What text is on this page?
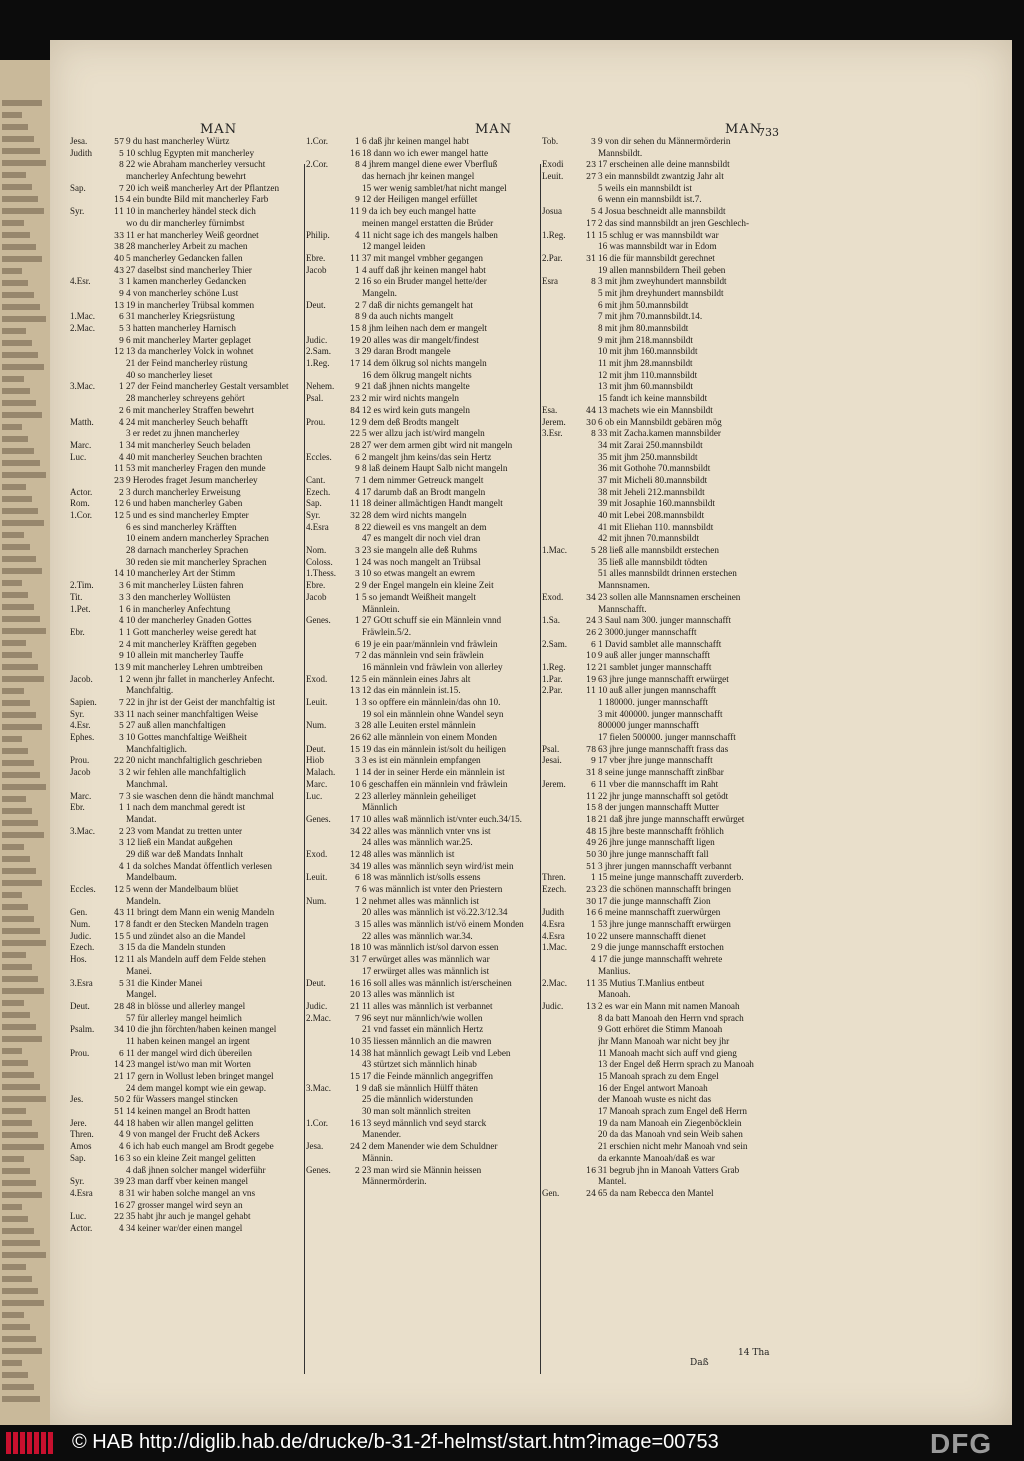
MAN	MAN	MAN
733
Jesa.	57 9 du hast mancherley Würtz
Judith	5 10 schlug Egypten mit mancherley
8 22 wie Abraham mancherley versucht
mancherley Anfechtung bewehrt
Sap.	7 20 ich weiß mancherley Art der Pflantzen
15 4 ein bundte Bild mit mancherley Farb
Syr.	11 10 in mancherley händel steck dich
wo du dir mancherley fürnimbst
33 11 er hat mancherley Weiß geordnet
38 28 mancherley Arbeit zu machen
40 5 mancherley Gedancken fallen
43 27 daselbst sind mancherley Thier
4.Esr.	3 1 kamen mancherley Gedancken
9 4 von mancherley schöne Lust
13 19 in mancherley Trübsal kommen
1.Mac.	6 31 mancherley Kriegsrüstung
2.Mac.	5 3 hatten mancherley Harnisch
9 6 mit mancherley Marter geplaget
12 13 da mancherley Volck in wohnet
21 der Feind mancherley rüstung
40 so mancherley lieset
3.Mac.	1 27 der Feind mancherley Gestalt versamblet
28 mancherley schreyens gehört
2 6 mit mancherley Straffen bewehrt
Matth.	4 24 mit mancherley Seuch behafft
3 er redet zu jhnen mancherley
Marc.	1 34 mit mancherley Seuch beladen
Luc.	4 40 mit mancherley Seuchen brachten
11 53 mit mancherley Fragen den munde
23 9 Herodes fraget Jesum mancherley
Actor.	2 3 durch mancherley Erweisung
Rom.	12 6 und haben mancherley Gaben
1.Cor.	12 5 und es sind mancherley Empter
6 es sind mancherley Kräfften
10 einem andern mancherley Sprachen
28 darnach mancherley Sprachen
30 reden sie mit mancherley Sprachen
14 10 mancherley Art der Stimm
2.Tim.	3 6 mit mancherley Lüsten fahren
Tit.	3 3 den mancherley Wollüsten
1.Pet.	1 6 in mancherley Anfechtung
4 10 der mancherley Gnaden Gottes
Ebr.	1 1 Gott mancherley weise geredt hat
2 4 mit mancherley Kräfften gegeben
9 10 allein mit mancherley Tauffe
13 9 mit mancherley Lehren umbtreiben
Jacob.	1 2 wenn jhr fallet in mancherley Anfecht.
Manchfaltig.
Sapien.	7 22 in jhr ist der Geist der manchfaltig ist
Syr.	33 11 nach seiner manchfaltigen Weise
4.Esr.	5 27 auß allen manchfaltigen
Ephes.	3 10 Gottes manchfaltige Weißheit
Manchfaltiglich.
Prou.	22 20 nicht manchfaltiglich geschrieben
Jacob	3 2 wir fehlen alle manchfaltiglich
Manchmal.
Marc.	7 3 sie waschen denn die händt manchmal
Ebr.	1 1 nach dem manchmal geredt ist
Mandat.
3.Mac.	2 23 vom Mandat zu tretten unter
3 12 ließ ein Mandat außgehen
29 diß war deß Mandats Innhalt
4 1 da solches Mandat öffentlich verlesen
Mandelbaum.
Eccles.	12 5 wenn der Mandelbaum blüet
Mandeln.
Gen.	43 11 bringt dem Mann ein wenig Mandeln
Num.	17 8 fandt er den Stecken Mandeln tragen
Judic.	15 5 und zündet also an die Mandel
Ezech.	3 15 da die Mandeln stunden
Hos.	12 11 als Mandeln auff dem Felde stehen
Manei.
3.Esra	5 31 die Kinder Manei
Mangel.
Deut.	28 48 in blösse und allerley mangel
57 für allerley mangel heimlich
Psalm.	34 10 die jhn förchten/haben keinen mangel
11 haben keinen mangel an irgent
Prou.	6 11 der mangel wird dich übereilen
14 23 mangel ist/wo man mit Worten
21 17 gern in Wollust leben bringet mangel
24 dem mangel kompt wie ein gewap.
Jes.	50 2 für Wassers mangel stincken
51 14 keinen mangel an Brodt hatten
Jere.	44 18 haben wir allen mangel gelitten
Thren.	4 9 von mangel der Frucht deß Ackers
Amos	4 6 ich hab euch mangel am Brodt gegebe
Sap.	16 3 so ein kleine Zeit mangel gelitten
4 daß jhnen solcher mangel widerführ
Syr.	39 23 man darff vber keinen mangel
4.Esra	8 31 wir haben solche mangel an vns
16 27 grosser mangel wird seyn an
Luc.	22 35 habt jhr auch je mangel gehabt
Actor.	4 34 keiner war/der einen mangel
1.Cor.	1 6 daß jhr keinen mangel habt
16 18 dann wo ich ewer mangel hatte
2.Cor.	8 4 jhrem mangel diene ewer Vberfluß
das hernach jhr keinen mangel
15 wer wenig samblet/hat nicht mangel
9 12 der Heiligen mangel erfüllet
11 9 da ich bey euch mangel hatte
meinen mangel erstatten die Brüder
Philip.	4 11 nicht sage ich des mangels halben
12 mangel leiden
Ebre.	11 37 mit mangel vmbher gegangen
Jacob	1 4 auff daß jhr keinen mangel habt
2 16 so ein Bruder mangel hette/der
Mangeln.
Deut.	2 7 daß dir nichts gemangelt hat
8 9 da auch nichts mangelt
15 8 jhm leihen nach dem er mangelt
Judic.	19 20 alles was dir mangelt/findest
2.Sam.	3 29 daran Brodt mangele
1.Reg.	17 14 dem ölkrug sol nichts mangeln
16 dem ölkrug mangelt nichts
Nehem.	9 21 daß jhnen nichts mangelte
Psal.	23 2 mir wird nichts mangeln
84 12 es wird kein guts mangeln
Prou.	12 9 dem deß Brodts mangelt
22 5 wer allzu jach ist/wird mangeln
28 27 wer dem armen gibt wird nit mangeln
Eccles.	6 2 mangelt jhm keins/das sein Hertz
9 8 laß deinem Haupt Salb nicht mangeln
Cant.	7 1 dem nimmer Getreuck mangelt
Ezech.	4 17 darumb daß an Brodt mangeln
Sap.	11 18 deiner allmächtigen Handt mangelt
Syr.	32 28 dem wird nichts mangeln
4.Esra	8 22 dieweil es vns mangelt an dem
47 es mangelt dir noch viel dran
Nom.	3 23 sie mangeln alle deß Ruhms
Coloss.	1 24 was noch mangelt an Trübsal
1.Thess.	3 10 so etwas mangelt an ewrem
Ebre.	2 9 der Engel mangeln ein kleine Zeit
Jacob	1 5 so jemandt Weißheit mangelt
Männlein.
Genes.	1 27 GOtt schuff sie ein Männlein vnnd
Fräwlein.5/2.
6 19 je ein paar/männlein vnd fräwlein
7 2 das männlein vnd sein fräwlein
16 männlein vnd fräwlein von allerley
Exod.	12 5 ein männlein eines Jahrs alt
13 12 das ein männlein ist.15.
Leuit.	1 3 so opffere ein männlein/das ohn 10.
19 sol ein männlein ohne Wandel seyn
Num.	3 28 alle Leuiten erstel männlein
26 62 alle männlein von einem Monden
Deut.	15 19 das ein männlein ist/solt du heiligen
Hiob	3 3 es ist ein männlein empfangen
Malach.	1 14 der in seiner Herde ein männlein ist
Marc.	10 6 geschaffen ein männlein vnd fräwlein
Luc.	2 23 allerley männlein geheiliget
Männlich
Genes.	17 10 alles waß männlich ist/vnter euch.34/15.
34 22 alles was männlich vnter vns ist
24 alles was männlich war.25.
Exod.	12 48 alles was männlich ist
34 19 alles was männlich seyn wird/ist mein
Leuit.	6 18 was männlich ist/solls essens
7 6 was männlich ist vnter den Priestern
Num.	1 2 nehmet alles was männlich ist
20 alles was männlich ist vö.22.3/12.34
3 15 alles was männlich ist/vö einem Monden
22 alles was männlich war.34.
18 10 was männlich ist/sol darvon essen
31 7 erwürget alles was männlich war
17 erwürget alles was männlich ist
Deut.	16 16 soll alles was männlich ist/erscheinen
20 13 alles was männlich ist
Judic.	21 11 alles was männlich ist verbannet
2.Mac.	7 96 seyt nur männlich/wie wollen
21 vnd fasset ein männlich Hertz
10 35 liessen männlich an die mawren
14 38 hat männlich gewagt Leib vnd Leben
43 stürtzet sich männlich hinab
15 17 die Feinde männlich angegriffen
3.Mac.	1 9 daß sie männlich Hülff thäten
25 die männlich widerstunden
30 man solt männlich streiten
1.Cor.	16 13 seyd männlich vnd seyd starck
Manender.
Jesa.	24 2 dem Manender wie dem Schuldner
Männin.
Genes.	2 23 man wird sie Männin heissen
Männermörderin.
Tob.	3 9 von dir sehen du Männermörderin
Mannsbildt.
Exodi	23 17 erscheinen alle deine mannsbildt
Leuit.	27 3 ein mannsbildt zwantzig Jahr alt
5 weils ein mannsbildt ist
6 wenn ein mannsbildt ist.7.
Josua	5 4 Josua beschneidt alle mannsbildt
17 2 das sind mannsbildt an jren Geschlech-
1.Reg.	11 15 schlug er was mannsbildt war
16 was mannsbildt war in Edom
2.Par.	31 16 die für mannsbildt gerechnet
19 allen mannsbildern Theil geben
Esra	8 3 mit jhm zweyhundert mannsbildt
5 mit jhm dreyhundert mannsbildt
6 mit jhm 50.mannsbildt
7 mit jhm 70.mannsbildt.14.
8 mit jhm 80.mannsbildt
9 mit jhm 218.mannsbildt
10 mit jhm 160.mannsbildt
11 mit jhm 28.mannsbildt
12 mit jhm 110.mannsbildt
13 mit jhm 60.mannsbildt
15 fandt ich keine mannsbildt
Esa.	44 13 machets wie ein Mannsbildt
Jerem.	30 6 ob ein Mannsbildt gebären mög
3.Esr.	8 33 mit Zacha.kamen mannsbilder
34 mit Zarai 250.mannsbildt
35 mit jhm 250.mannsbildt
36 mit Gothohe 70.mannsbildt
37 mit Micheli 80.mannsbildt
38 mit Jeheli 212.mannsbildt
39 mit Josaphie 160.mannsbildt
40 mit Lebei 208.mannsbildt
41 mit Eliehan 110. mannsbildt
42 mit jhnen 70.mannsbildt
1.Mac.	5 28 ließ alle mannsbildt erstechen
35 ließ alle mannsbildt tödten
51 alles mannsbildt drinnen erstechen
Mannsnamen.
Exod.	34 23 sollen alle Mannsnamen erscheinen
Mannschafft.
1.Sa.	24 3 Saul nam 300. junger mannschafft
26 2 3000.junger mannschafft
2.Sam.	6 1 David samblet alle mannschafft
10 9 auß aller junger mannschafft
1.Reg.	12 21 samblet junger mannschafft
1.Par.	19 63 jhre junge mannschafft erwürget
2.Par.	11 10 auß aller jungen mannschafft
1 180000. junger mannschafft
3 mit 400000. junger mannschafft
800000 junger mannschafft
17 fielen 500000. junger mannschafft
Psal.	78 63 jhre junge mannschafft frass das
Jesai.	9 17 vber jhre junge mannschafft
31 8 seine junge mannschafft zinßbar
Jerem.	6 11 vber die mannschafft im Raht
11 22 jhr junge mannschafft sol getödt
15 8 der jungen mannschafft Mutter
18 21 daß jhre junge mannschafft erwürget
48 15 jhre beste mannschafft fröhlich
49 26 jhre junge mannschafft ligen
50 30 jhre junge mannschafft fall
51 3 jhrer jungen mannschafft verbannt
Thren.	1 15 meine junge mannschafft zuverderb.
Ezech.	23 23 die schönen mannschafft bringen
30 17 die junge mannschafft Zion
Judith	16 6 meine mannschafft zuerwürgen
4.Esra	1 53 jhre junge mannschafft erwürgen
4.Esra	10 22 unsere mannschafft dienet
1.Mac.	2 9 die junge mannschafft erstochen
4 17 die junge mannschafft wehrete
Manlius.
2.Mac.	11 35 Mutius T.Manlius entbeut
Manoah.
Judic.	13 2 es war ein Mann mit namen Manoah
8 da batt Manoah den Herrn vnd sprach
9 Gott erhöret die Stimm Manoah
jhr Mann Manoah war nicht bey jhr
11 Manoah macht sich auff vnd gieng
13 der Engel deß Herrn sprach zu Manoah
15 Manoah sprach zu dem Engel
16 der Engel antwort Manoah
der Manoah wuste es nicht das
17 Manoah sprach zum Engel deß Herrn
19 da nam Manoah ein Ziegenböcklein
20 da das Manoah vnd sein Weib sahen
21 erschien nicht mehr Manoah vnd sein
da erkannte Manoah/daß es war
16 31 begrub jhn in Manoah Vatters Grab
Mantel.
Gen.	24 65 da nam Rebecca den Mantel
Daß
14 Tha
© HAB http://diglib.hab.de/drucke/b-31-2f-helmst/start.htm?image=00753	DFG
